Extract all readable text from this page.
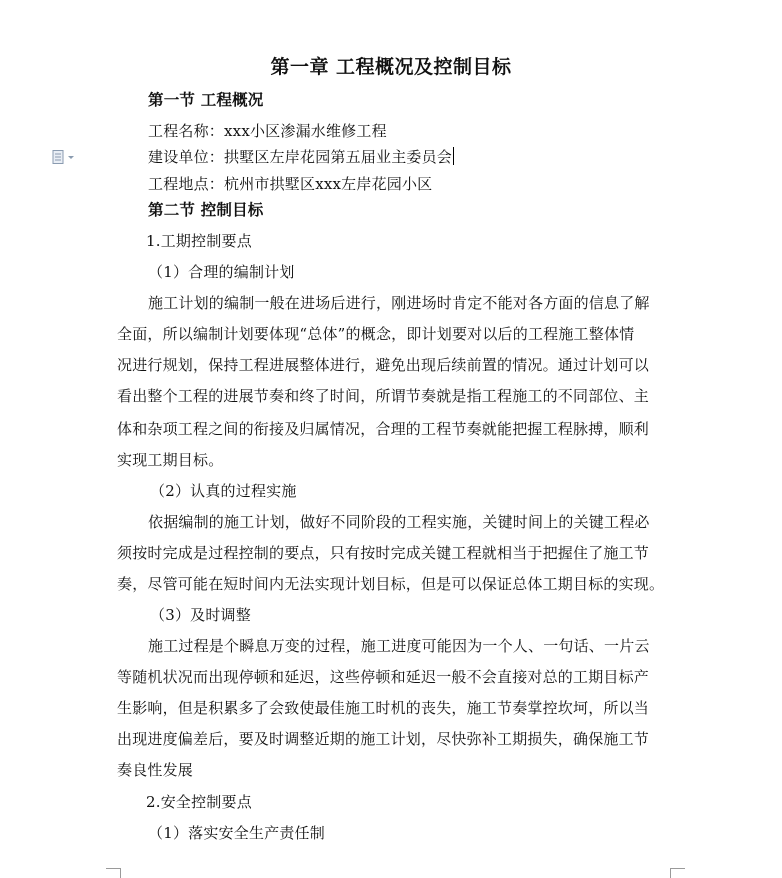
第一章 工程概况及控制目标
第一节 工程概况
工程名称：xxx小区渗漏水维修工程
建设单位：拱墅区左岸花园第五届业主委员会
工程地点：杭州市拱墅区xxx左岸花园小区
第二节 控制目标
1.工期控制要点
（1）合理的编制计划
施工计划的编制一般在进场后进行，刚进场时肯定不能对各方面的信息了解
全面，所以编制计划要体现“总体”的概念，即计划要对以后的工程施工整体情
况进行规划，保持工程进展整体进行，避免出现后续前置的情况。通过计划可以
看出整个工程的进展节奏和终了时间，所谓节奏就是指工程施工的不同部位、主
体和杂项工程之间的衔接及归属情况，合理的工程节奏就能把握工程脉搏，顺利
实现工期目标。
（2）认真的过程实施
依据编制的施工计划，做好不同阶段的工程实施，关键时间上的关键工程必
须按时完成是过程控制的要点，只有按时完成关键工程就相当于把握住了施工节
奏，尽管可能在短时间内无法实现计划目标，但是可以保证总体工期目标的实现。
（3）及时调整
施工过程是个瞬息万变的过程，施工进度可能因为一个人、一句话、一片云
等随机状况而出现停顿和延迟，这些停顿和延迟一般不会直接对总的工期目标产
生影响，但是积累多了会致使最佳施工时机的丧失，施工节奏掌控坎坷，所以当
出现进度偏差后，要及时调整近期的施工计划，尽快弥补工期损失，确保施工节
奏良性发展
2.安全控制要点
（1）落实安全生产责任制
